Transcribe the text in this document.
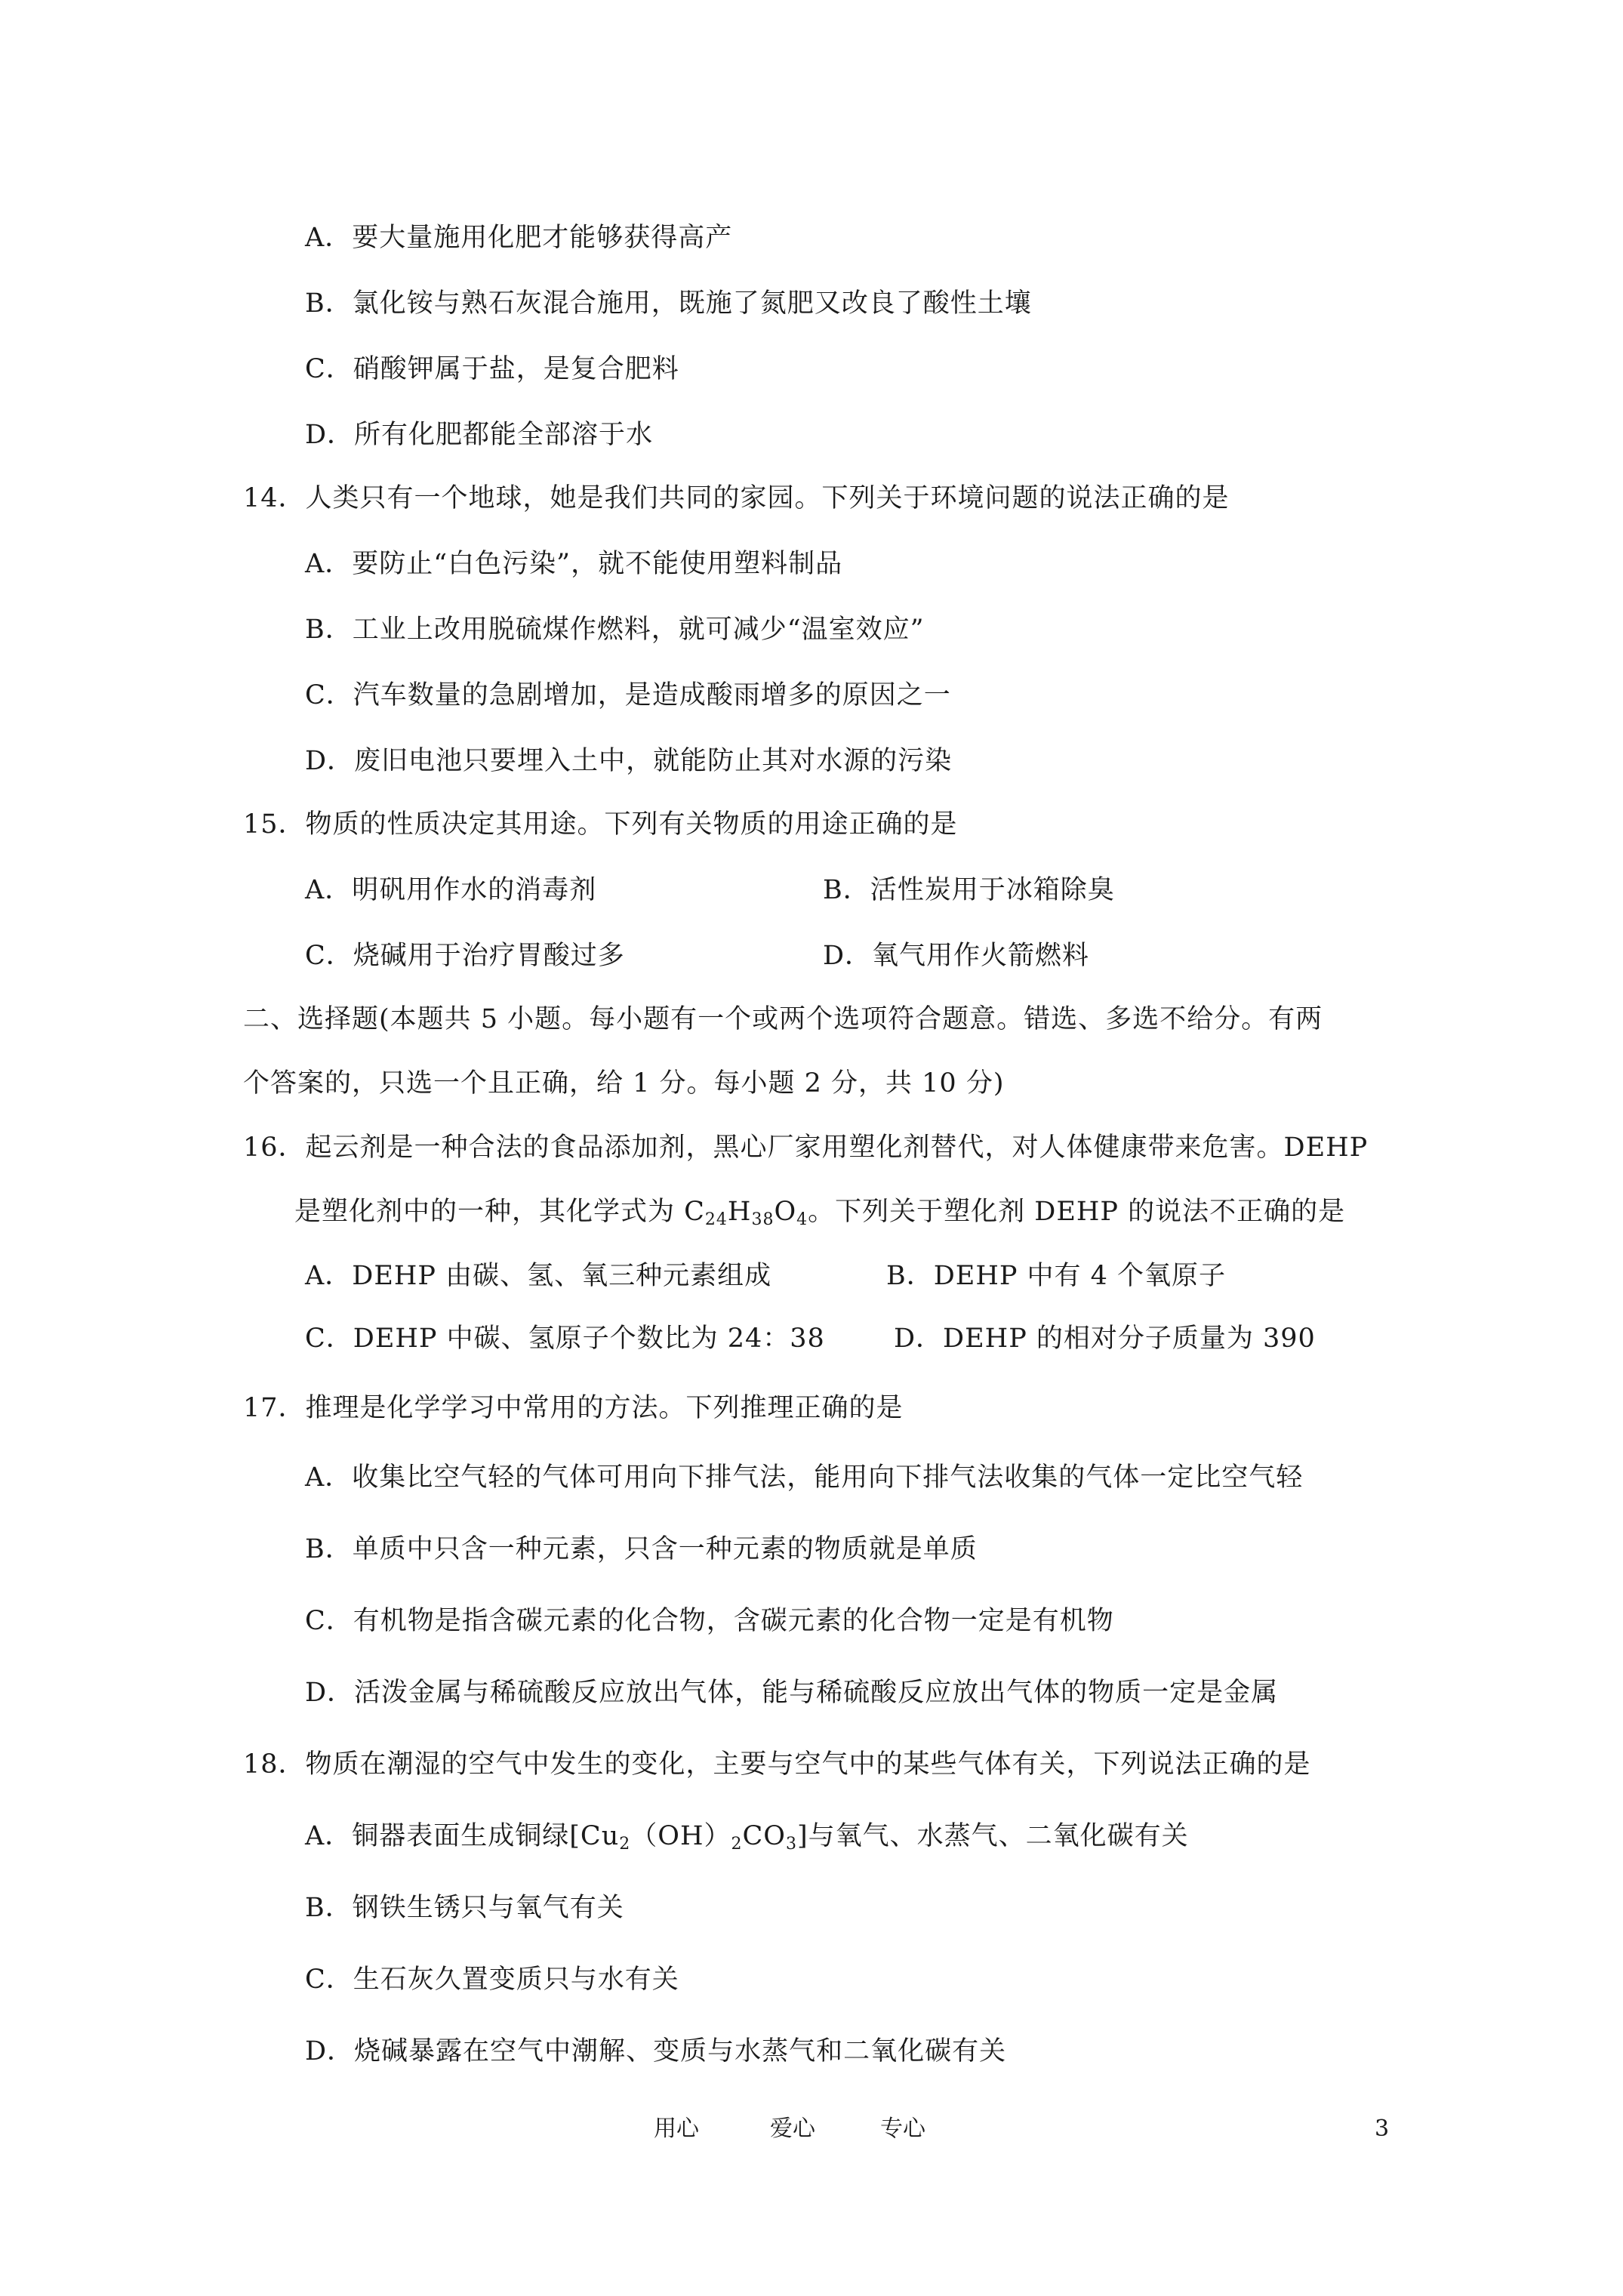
A．要大量施用化肥才能够获得高产
B．氯化铵与熟石灰混合施用，既施了氮肥又改良了酸性土壤
C．硝酸钾属于盐，是复合肥料
D．所有化肥都能全部溶于水
14．人类只有一个地球，她是我们共同的家园。下列关于环境问题的说法正确的是
A．要防止“白色污染”，就不能使用塑料制品
B．工业上改用脱硫煤作燃料，就可减少“温室效应”
C．汽车数量的急剧增加，是造成酸雨增多的原因之一
D．废旧电池只要埋入土中，就能防止其对水源的污染
15．物质的性质决定其用途。下列有关物质的用途正确的是
A．明矾用作水的消毒剂	B．活性炭用于冰箱除臭
C．烧碱用于治疗胃酸过多	D．氧气用作火箭燃料
二、选择题(本题共 5 小题。每小题有一个或两个选项符合题意。错选、多选不给分。有两
个答案的，只选一个且正确，给 1 分。每小题 2 分，共 10 分)
16．起云剂是一种合法的食品添加剂，黑心厂家用塑化剂替代，对人体健康带来危害。DEHP
是塑化剂中的一种，其化学式为 $C_{24}H_{38}O_4$。下列关于塑化剂 DEHP 的说法不正确的是
A．DEHP 由碳、氢、氧三种元素组成	B．DEHP 中有 4 个氧原子
C．DEHP 中碳、氢原子个数比为 24：38	D．DEHP 的相对分子质量为 390
17．推理是化学学习中常用的方法。下列推理正确的是
A．收集比空气轻的气体可用向下排气法，能用向下排气法收集的气体一定比空气轻
B．单质中只含一种元素，只含一种元素的物质就是单质
C．有机物是指含碳元素的化合物，含碳元素的化合物一定是有机物
D．活泼金属与稀硫酸反应放出气体，能与稀硫酸反应放出气体的物质一定是金属
18．物质在潮湿的空气中发生的变化，主要与空气中的某些气体有关，下列说法正确的是
A．铜器表面生成铜绿$[Cu_2(OH)_2CO_3]$与氧气、水蒸气、二氧化碳有关
B．钢铁生锈只与氧气有关
C．生石灰久置变质只与水有关
D．烧碱暴露在空气中潮解、变质与水蒸气和二氧化碳有关
用心	爱心	专心	3
